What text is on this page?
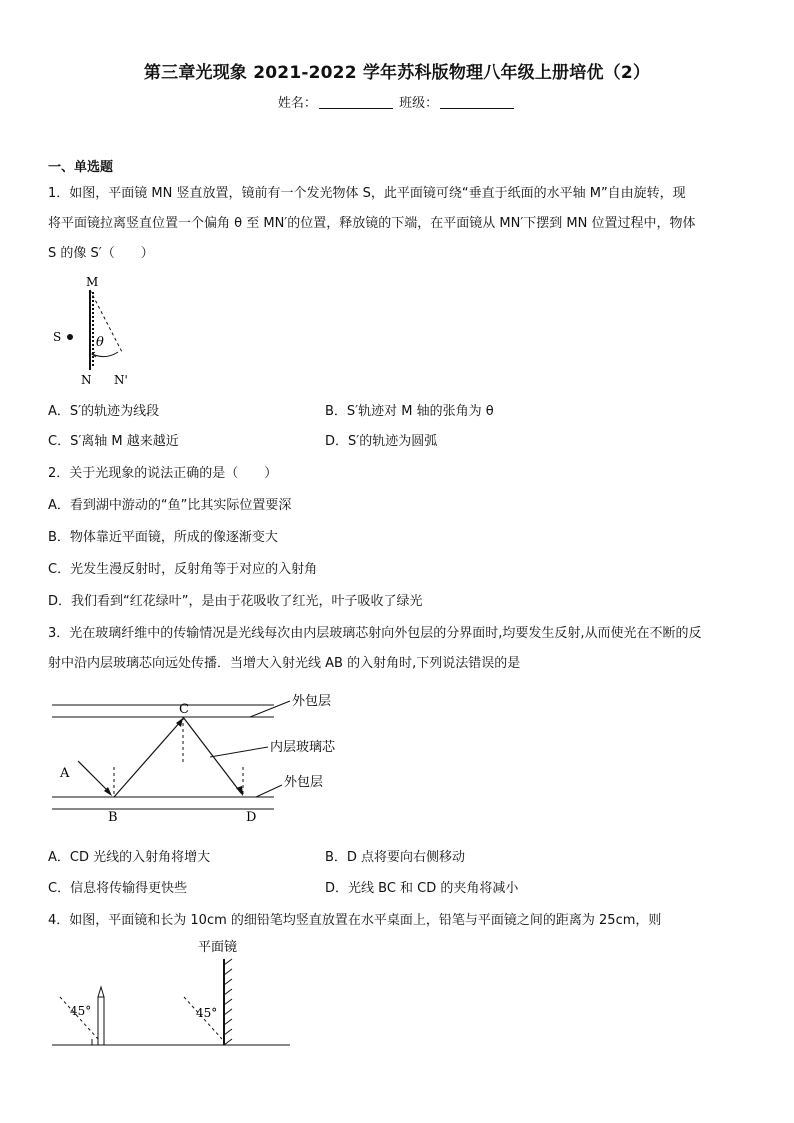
第三章光现象 2021-2022 学年苏科版物理八年级上册培优（2）
姓名：	班级：
一、单选题
1．如图，平面镜 MN 竖直放置，镜前有一个发光物体 S，此平面镜可绕“垂直于纸面的水平轴 M”自由旋转，现
将平面镜拉离竖直位置一个偏角 θ 至 MN′的位置，释放镜的下端，在平面镜从 MN′下摆到 MN 位置过程中，物体
S 的像 S′（　　）
M
θ
S
N N'
A．S′的轨迹为线段	B．S′轨迹对 M 轴的张角为 θ
C．S′离轴 M 越来越近	D．S′的轨迹为圆弧
2．关于光现象的说法正确的是（　　）
A．看到湖中游动的“鱼”比其实际位置要深
B．物体靠近平面镜，所成的像逐渐变大
C．光发生漫反射时，反射角等于对应的入射角
D．我们看到“红花绿叶”，是由于花吸收了红光，叶子吸收了绿光
3．光在玻璃纤维中的传输情况是光线每次由内层玻璃芯射向外包层的分界面时,均要发生反射,从而使光在不断的反
射中沿内层玻璃芯向远处传播．当增大入射光线 AB 的入射角时,下列说法错误的是
外包层
内层玻璃芯
外包层
A
B
C
D
A．CD 光线的入射角将增大	B．D 点将要向右侧移动
C．信息将传输得更快些	D．光线 BC 和 CD 的夹角将减小
4．如图，平面镜和长为 10cm 的细铅笔均竖直放置在水平桌面上，铅笔与平面镜之间的距离为 25cm，则
平面镜
45°	45°
